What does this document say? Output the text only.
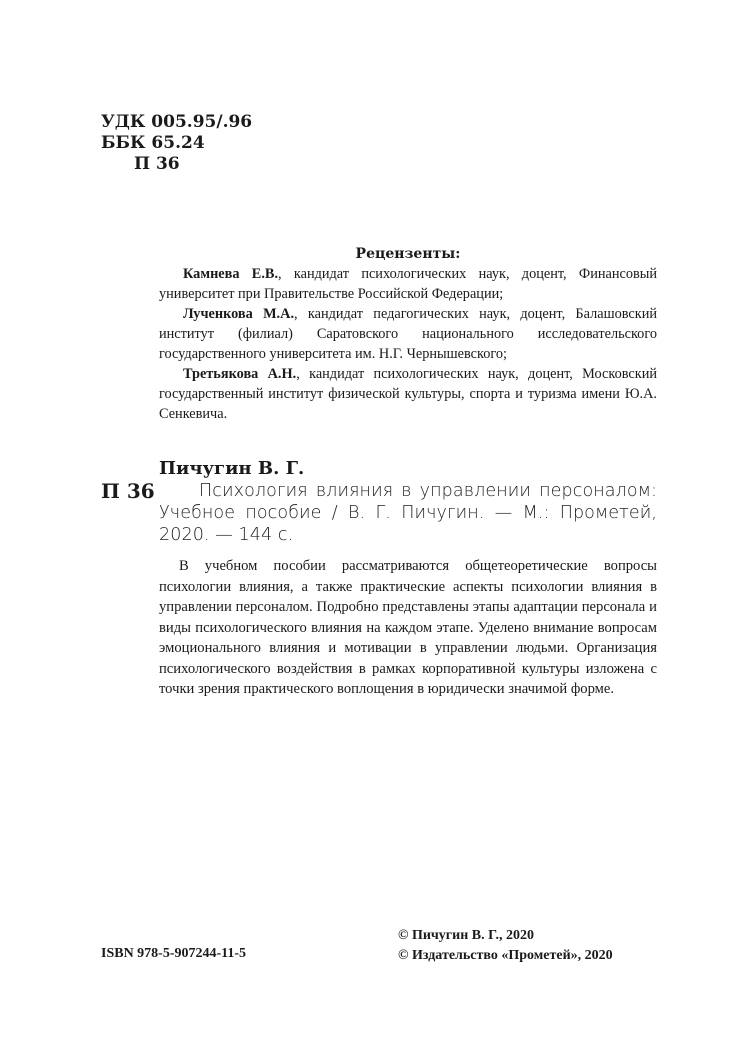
УДК 005.95/.96
ББК 65.24
П 36
Рецензенты:

Камнева Е.В., кандидат психологических наук, доцент, Финансовый университет при Правительстве Российской Федерации;

Лученкова М.А., кандидат педагогических наук, доцент, Балашовский институт (филиал) Саратовского национального исследовательского государственного университета им. Н.Г. Чернышевского;

Третьякова А.Н., кандидат психологических наук, доцент, Московский государственный институт физической культуры, спорта и туризма имени Ю.А. Сенкевича.

П 36
Пичугин В. Г.
Психология влияния в управлении персоналом: Учебное пособие / В. Г. Пичугин. — М.: Прометей, 2020. — 144 с.
В учебном пособии рассматриваются общетеоретические вопросы психологии влияния, а также практические аспекты психологии влияния в управлении персоналом. Подробно представлены этапы адаптации персонала и виды психологического влияния на каждом этапе. Уделено внимание вопросам эмоционального влияния и мотивации в управлении людьми. Организация психологического воздействия в рамках корпоративной культуры изложена с точки зрения практического воплощения в юридически значимой форме.
ISBN 978-5-907244-11-5
© Пичугин В. Г., 2020
© Издательство «Прометей», 2020
